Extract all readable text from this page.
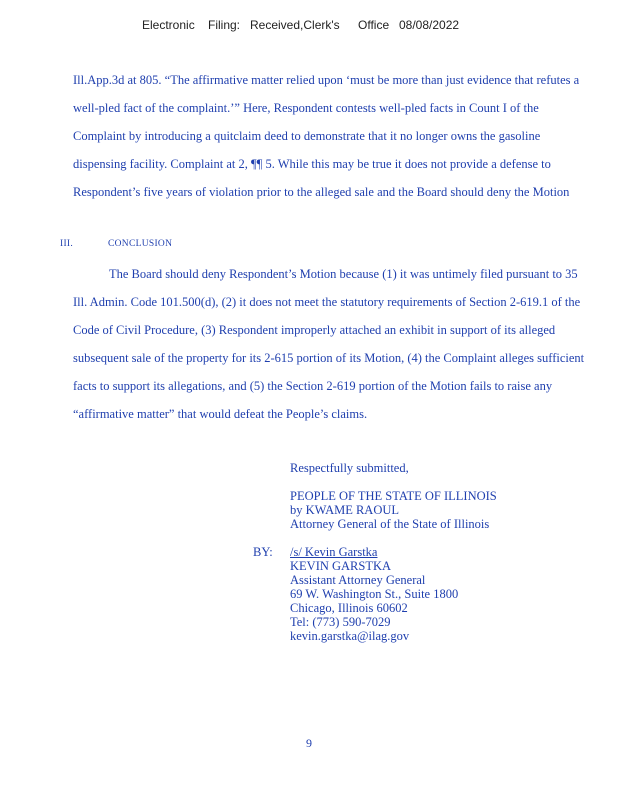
Electronic Filing: Received,Clerk's Office 08/08/2022

Ill.App.3d at 805. “The affirmative matter relied upon ‘must be more than just evidence that refutes a well-pled fact of the complaint.’” Here, Respondent contests well-pled facts in Count I of the Complaint by introducing a quitclaim deed to demonstrate that it no longer owns the gasoline dispensing facility. Complaint at 2, ¶¶ 5. While this may be true it does not provide a defense to Respondent’s five years of violation prior to the alleged sale and the Board should deny the Motion

III.	CONCLUSION

The Board should deny Respondent’s Motion because (1) it was untimely filed pursuant to 35 Ill. Admin. Code 101.500(d), (2) it does not meet the statutory requirements of Section 2-619.1 of the Code of Civil Procedure, (3) Respondent improperly attached an exhibit in support of its alleged subsequent sale of the property for its 2-615 portion of its Motion, (4) the Complaint alleges sufficient facts to support its allegations, and (5) the Section 2-619 portion of the Motion fails to raise any “affirmative matter” that would defeat the People’s claims.

Respectfully submitted,
PEOPLE OF THE STATE OF ILLINOIS
by KWAME RAOUL
Attorney General of the State of Illinois
BY: /s/ Kevin Garstka
KEVIN GARSTKA
Assistant Attorney General
69 W. Washington St., Suite 1800
Chicago, Illinois 60602
Tel: (773) 590-7029
kevin.garstka@ilag.gov
9
